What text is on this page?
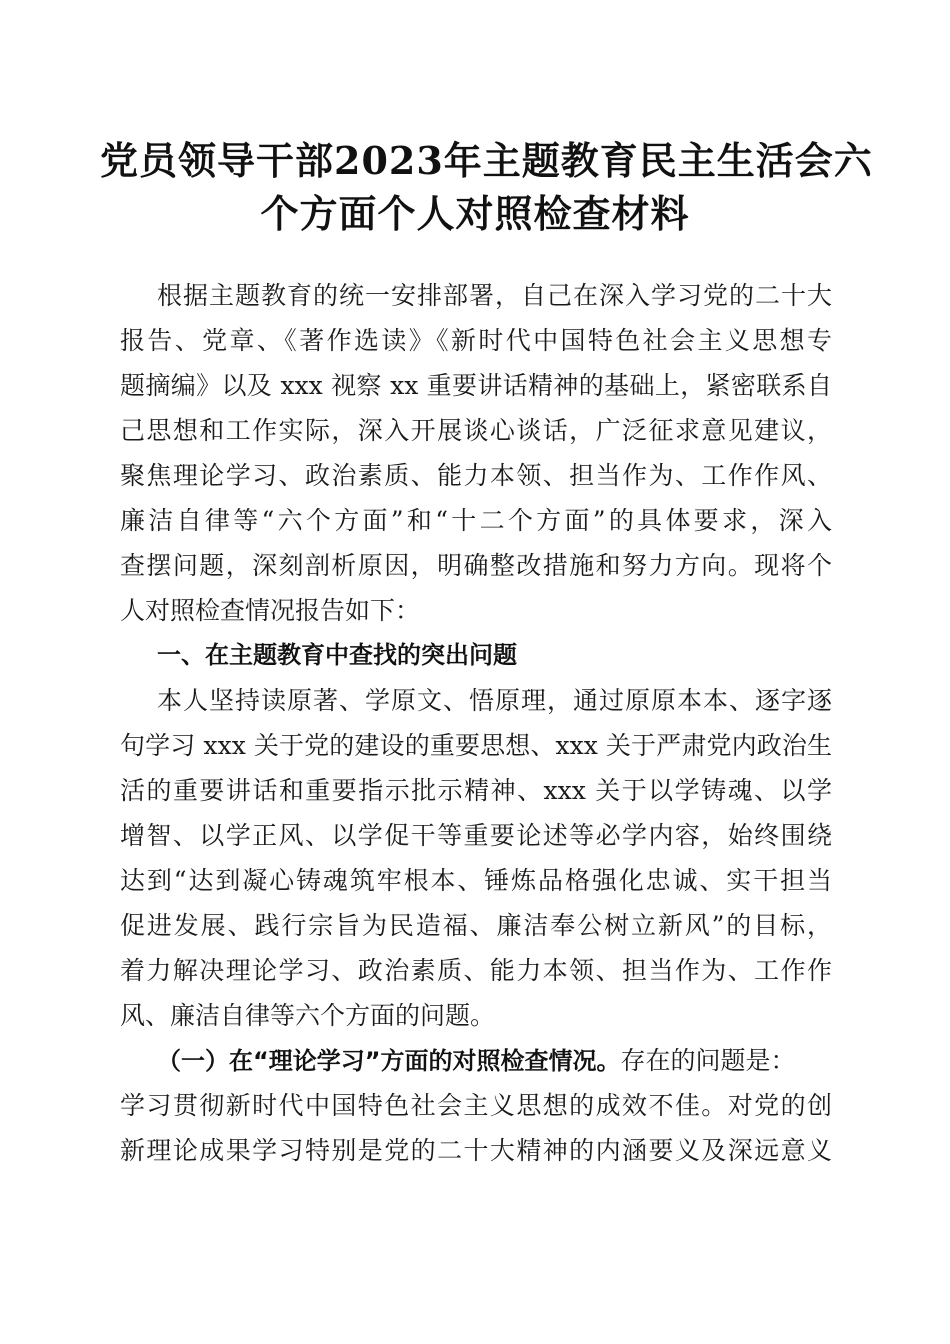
党员领导干部2023年主题教育民主生活会六
个方面个人对照检查材料
根据主题教育的统一安排部署，自己在深入学习党的二十大
报告、党章、《著作选读》《新时代中国特色社会主义思想专
题摘编》以及 xxx 视察 xx 重要讲话精神的基础上，紧密联系自
己思想和工作实际，深入开展谈心谈话，广泛征求意见建议，
聚焦理论学习、政治素质、能力本领、担当作为、工作作风、
廉洁自律等“六个方面”和“十二个方面”的具体要求，深入
查摆问题，深刻剖析原因，明确整改措施和努力方向。现将个
人对照检查情况报告如下：
一、在主题教育中查找的突出问题
本人坚持读原著、学原文、悟原理，通过原原本本、逐字逐
句学习 xxx 关于党的建设的重要思想、xxx 关于严肃党内政治生
活的重要讲话和重要指示批示精神、xxx 关于以学铸魂、以学
增智、以学正风、以学促干等重要论述等必学内容，始终围绕
达到“达到凝心铸魂筑牢根本、锤炼品格强化忠诚、实干担当
促进发展、践行宗旨为民造福、廉洁奉公树立新风”的目标，
着力解决理论学习、政治素质、能力本领、担当作为、工作作
风、廉洁自律等六个方面的问题。
（一）在“理论学习”方面的对照检查情况。存在的问题是：
学习贯彻新时代中国特色社会主义思想的成效不佳。对党的创
新理论成果学习特别是党的二十大精神的内涵要义及深远意义
